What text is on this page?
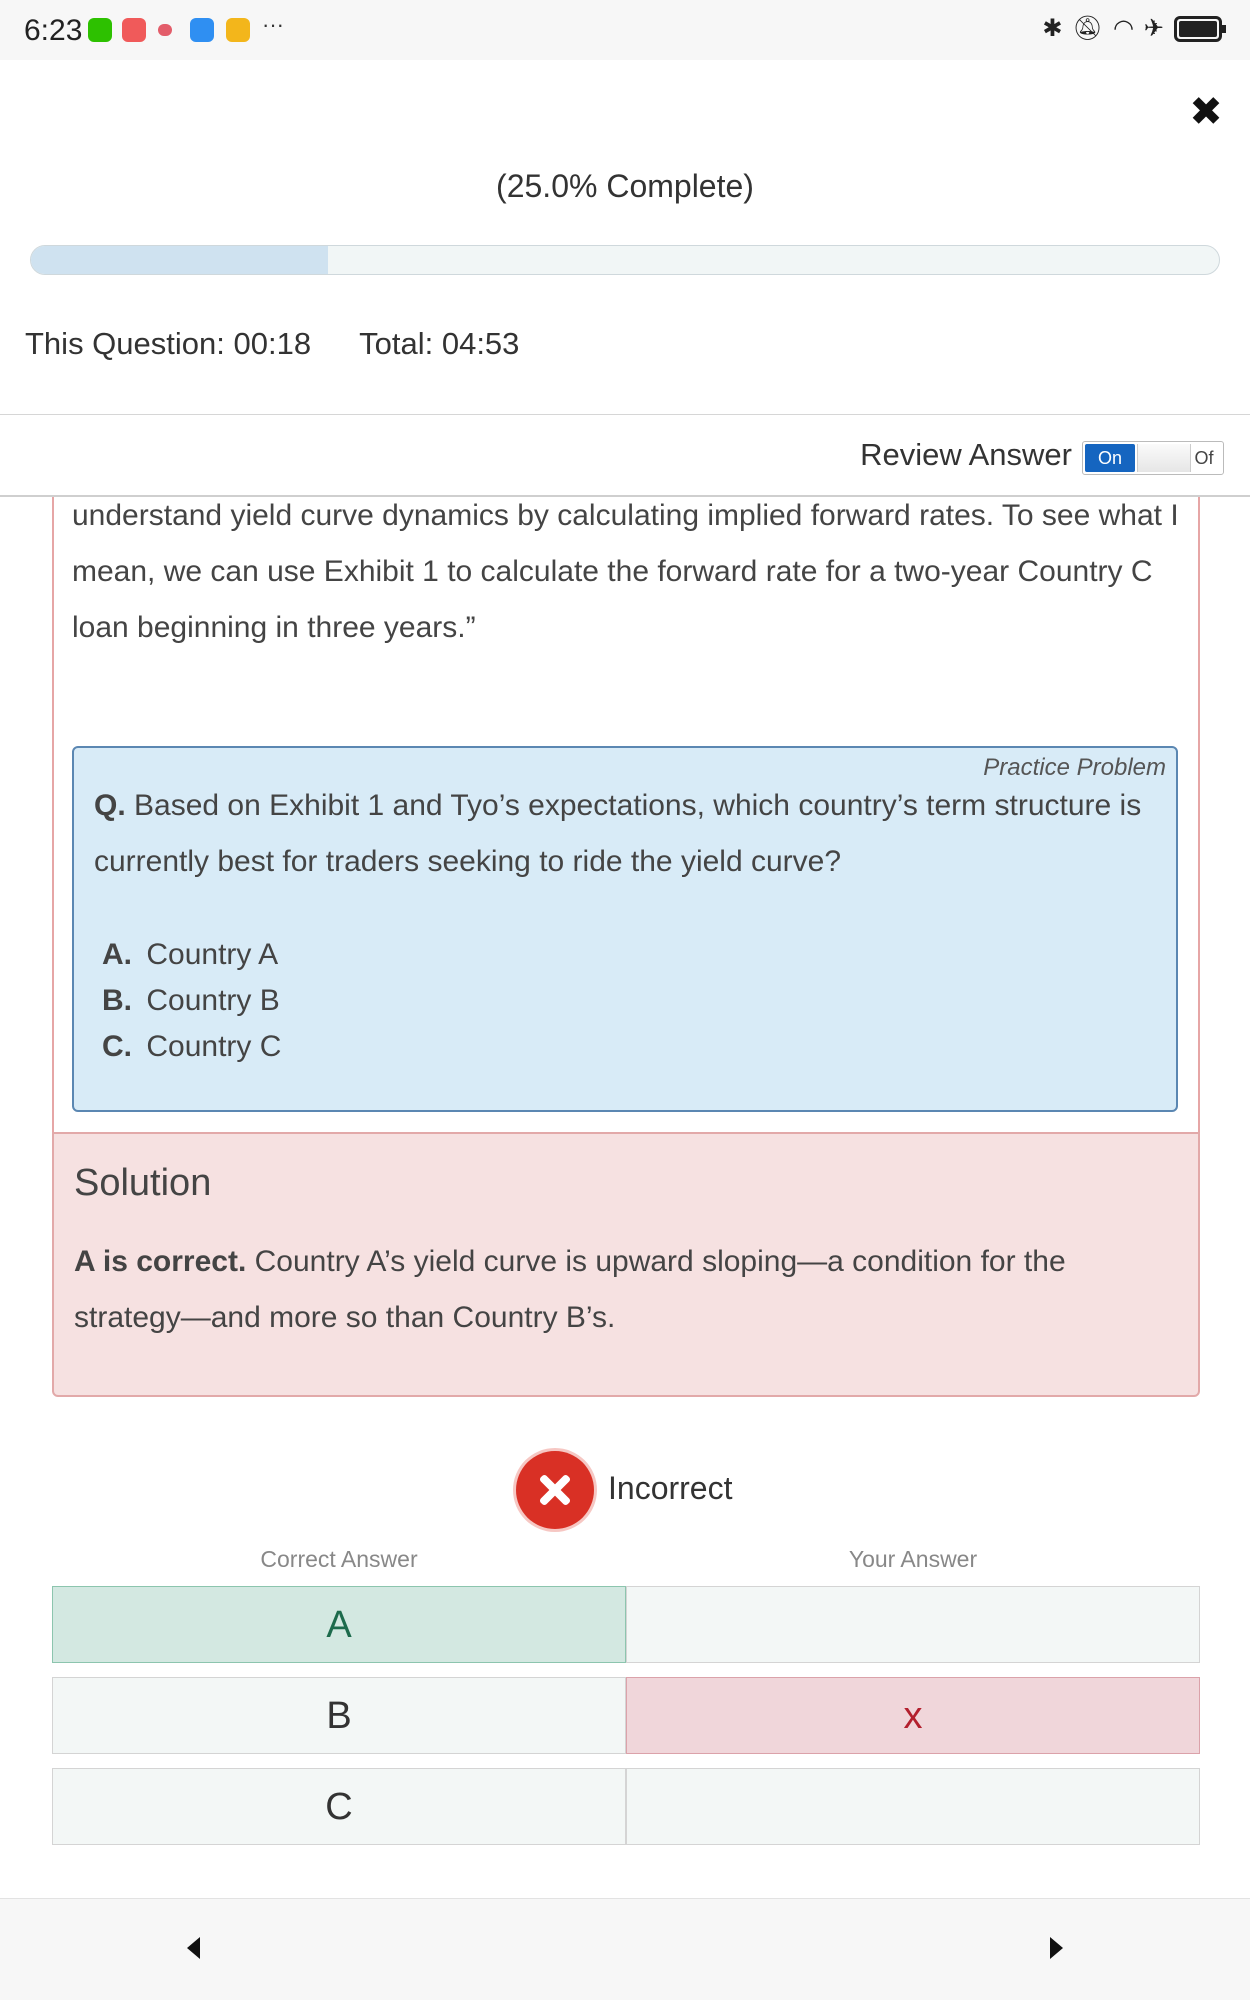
6:23	···	✱ 🔕︎ ◠ ✈
✖
(25.0% Complete)
This Question: 00:18 Total: 04:53
understand yield curve dynamics by calculating implied forward rates. To see what I mean, we can use Exhibit 1 to calculate the forward rate for a two-year Country C loan beginning in three years.”
Practice Problem
Q. Based on Exhibit 1 and Tyo’s expectations, which country’s term structure is currently best for traders seeking to ride the yield curve?
A. Country A
B. Country B
C. Country C
Solution
A is correct. Country A’s yield curve is upward sloping—a condition for the strategy—and more so than Country B’s.
Review Answer	On	Of
Incorrect
Correct Answer	Your Answer
A
B	x
C
